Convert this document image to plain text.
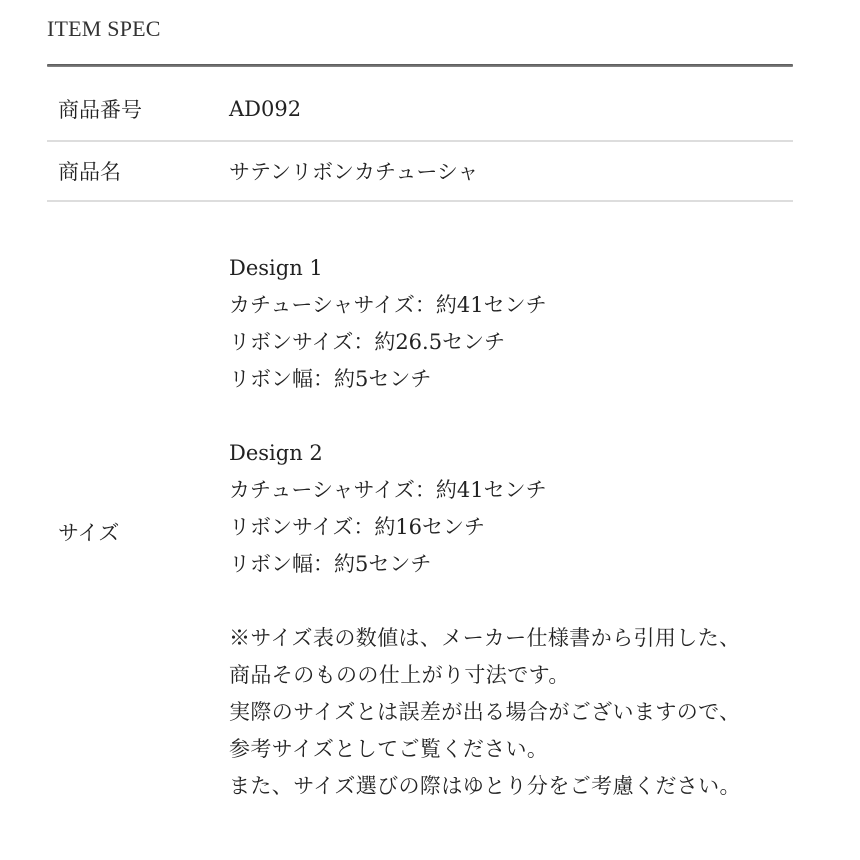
ITEM SPEC
商品番号	AD092
商品名	サテンリボンカチューシャ
サイズ
Design 1
カチューシャサイズ：約41センチ
リボンサイズ：約26.5センチ
リボン幅：約5センチ
Design 2
カチューシャサイズ：約41センチ
リボンサイズ：約16センチ
リボン幅：約5センチ
※サイズ表の数値は、メーカー仕様書から引用した、商品そのものの仕上がり寸法です。
実際のサイズとは誤差が出る場合がございますので、参考サイズとしてご覧ください。
また、サイズ選びの際はゆとり分をご考慮ください。
